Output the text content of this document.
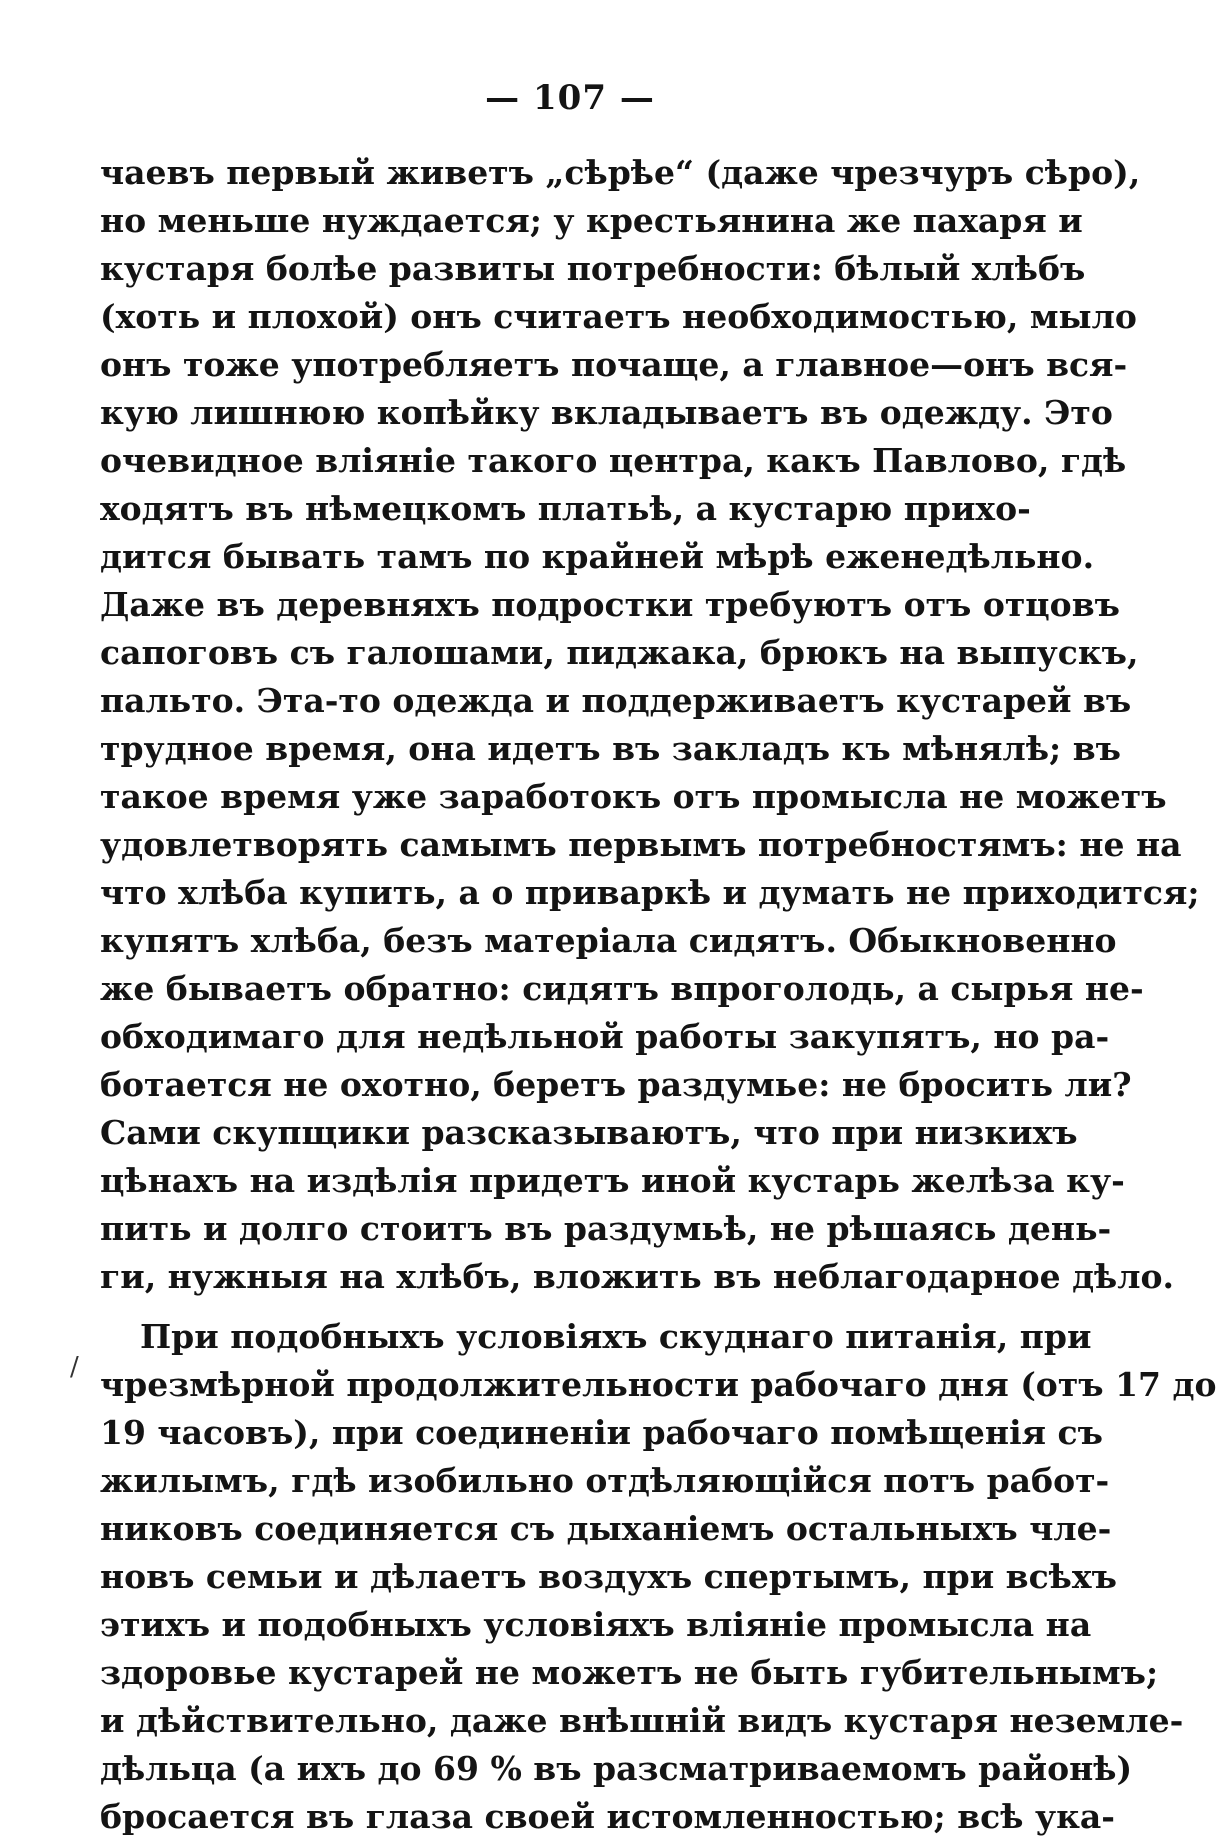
— 107 —
/
чаевъ первый живетъ „сѣрѣе“ (даже чрезчуръ сѣро),
но меньше нуждается; у крестьянина же пахаря и
кустаря болѣе развиты потребности: бѣлый хлѣбъ
(хоть и плохой) онъ считаетъ необходимостью, мыло
онъ тоже употребляетъ почаще, а главное—онъ вся-
кую лишнюю копѣйку вкладываетъ въ одежду. Это
очевидное вліяніе такого центра, какъ Павлово, гдѣ
ходятъ въ нѣмецкомъ платьѣ, а кустарю прихо-
дится бывать тамъ по крайней мѣрѣ еженедѣльно.
Даже въ деревняхъ подростки требуютъ отъ отцовъ
сапоговъ съ галошами, пиджака, брюкъ на выпускъ,
пальто. Эта-то одежда и поддерживаетъ кустарей въ
трудное время, она идетъ въ закладъ къ мѣнялѣ; въ
такое время уже заработокъ отъ промысла не можетъ
удовлетворять самымъ первымъ потребностямъ: не на
что хлѣба купить, а о приваркѣ и думать не приходится;
купятъ хлѣба, безъ матеріала сидятъ. Обыкновенно
же бываетъ обратно: сидятъ впроголодь, а сырья не-
обходимаго для недѣльной работы закупятъ, но ра-
ботается не охотно, беретъ раздумье: не бросить ли?
Сами скупщики разсказываютъ, что при низкихъ
цѣнахъ на издѣлія придетъ иной кустарь желѣза ку-
пить и долго стоитъ въ раздумьѣ, не рѣшаясь день-
ги, нужныя на хлѣбъ, вложить въ неблагодарное дѣло.
При подобныхъ условіяхъ скуднаго питанія, при
чрезмѣрной продолжительности рабочаго дня (отъ 17 до
19 часовъ), при соединеніи рабочаго помѣщенія съ
жилымъ, гдѣ изобильно отдѣляющійся потъ работ-
никовъ соединяется съ дыханіемъ остальныхъ чле-
новъ семьи и дѣлаетъ воздухъ спертымъ, при всѣхъ
этихъ и подобныхъ условіяхъ вліяніе промысла на
здоровье кустарей не можетъ не быть губительнымъ;
и дѣйствительно, даже внѣшній видъ кустаря неземле-
дѣльца (а ихъ до 69 % въ разсматриваемомъ районѣ)
бросается въ глаза своей истомленностью; всѣ ука-
